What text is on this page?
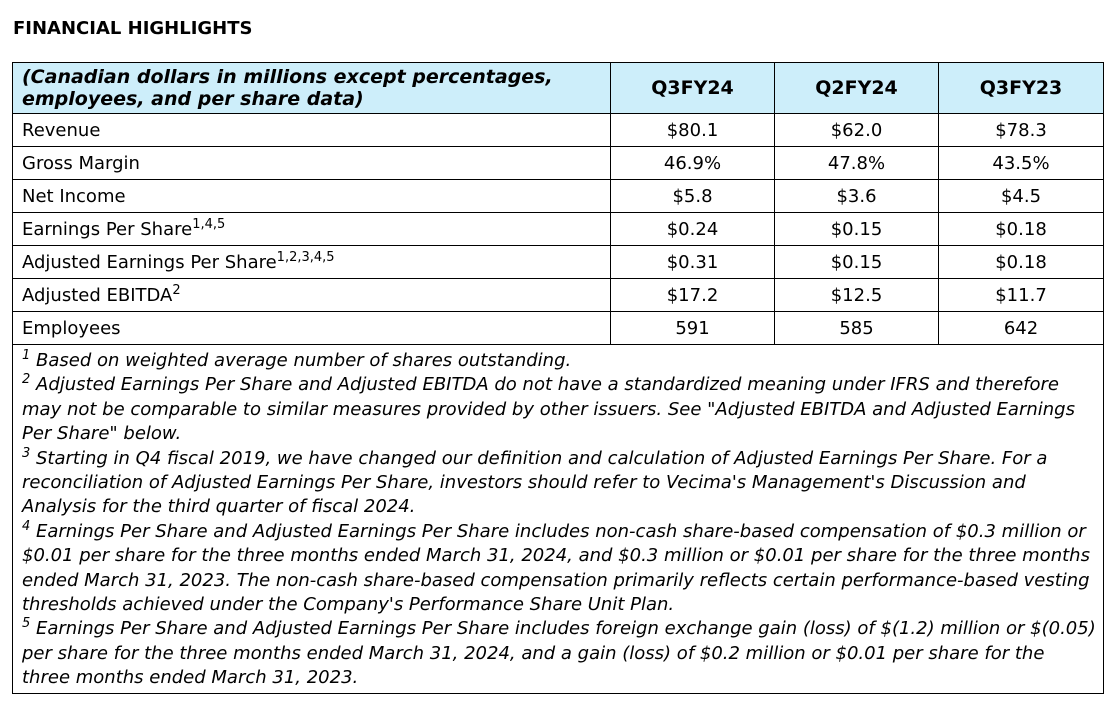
FINANCIAL HIGHLIGHTS
(Canadian dollars in millions except percentages, employees, and per share data)	Q3FY24	Q2FY24	Q3FY23
Revenue	$80.1	$62.0	$78.3
Gross Margin	46.9%	47.8%	43.5%
Net Income	$5.8	$3.6	$4.5
Earnings Per Share$^{1,4,5}$	$0.24	$0.15	$0.18
Adjusted Earnings Per Share$^{1,2,3,4,5}$	$0.31	$0.15	$0.18
Adjusted EBITDA$^2$	$17.2	$12.5	$11.7
Employees	591	585	642

$^1$ Based on weighted average number of shares outstanding.
$^2$ Adjusted Earnings Per Share and Adjusted EBITDA do not have a standardized meaning under IFRS and therefore may not be comparable to similar measures provided by other issuers. See "Adjusted EBITDA and Adjusted Earnings Per Share" below.
$^3$ Starting in Q4 fiscal 2019, we have changed our definition and calculation of Adjusted Earnings Per Share. For a reconciliation of Adjusted Earnings Per Share, investors should refer to Vecima's Management's Discussion and Analysis for the third quarter of fiscal 2024.
$^4$ Earnings Per Share and Adjusted Earnings Per Share includes non-cash share-based compensation of $0.3 million or $0.01 per share for the three months ended March 31, 2024, and $0.3 million or $0.01 per share for the three months ended March 31, 2023. The non-cash share-based compensation primarily reflects certain performance-based vesting thresholds achieved under the Company's Performance Share Unit Plan.
$^5$ Earnings Per Share and Adjusted Earnings Per Share includes foreign exchange gain (loss) of $(1.2) million or $(0.05) per share for the three months ended March 31, 2024, and a gain (loss) of $0.2 million or $0.01 per share for the three months ended March 31, 2023.			
